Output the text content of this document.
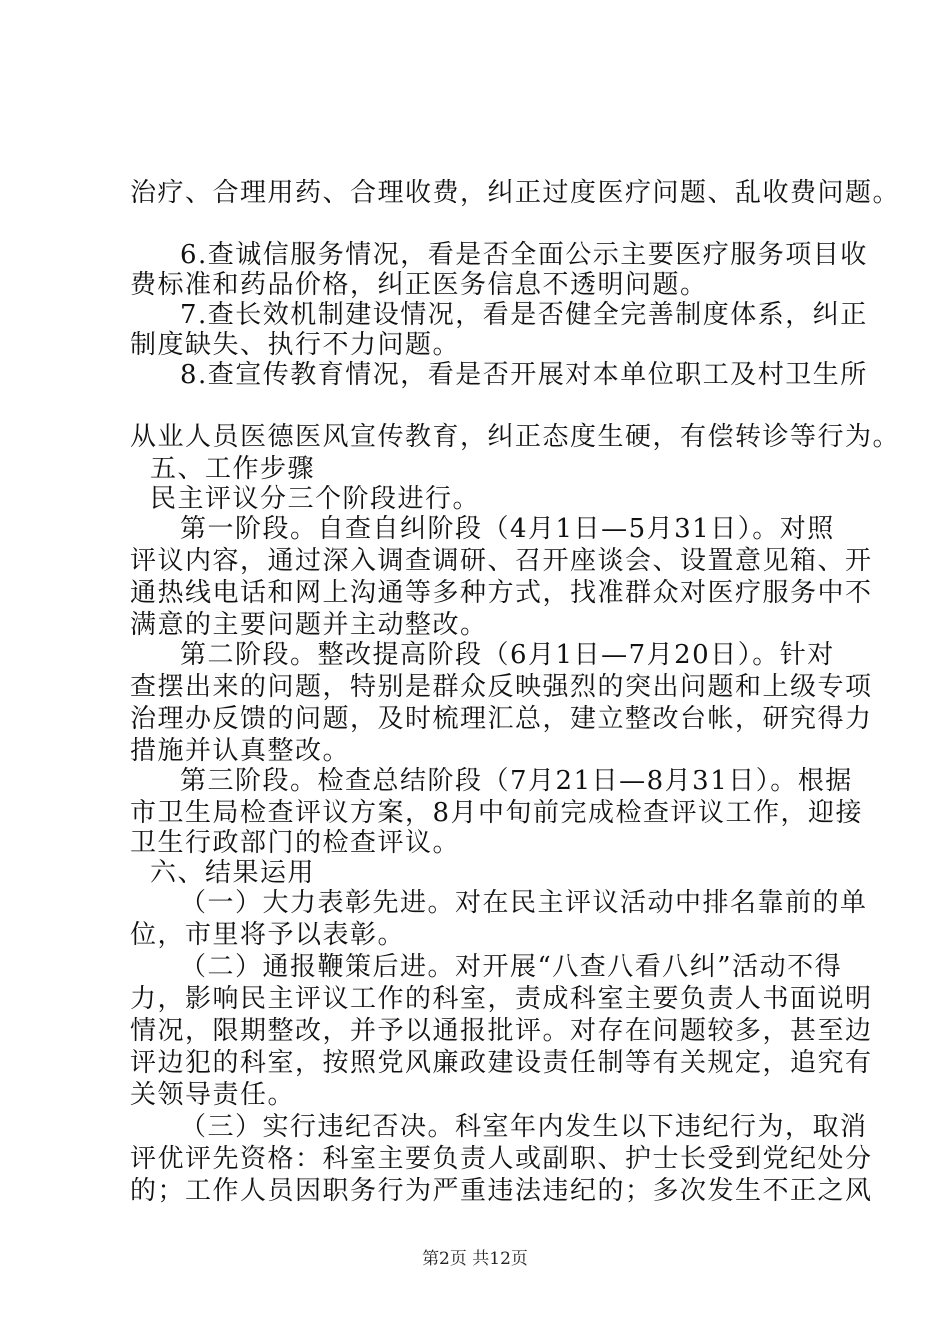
治疗、合理用药、合理收费，纠正过度医疗问题、乱收费问题。
6.查诚信服务情况，看是否全面公示主要医疗服务项目收
费标准和药品价格，纠正医务信息不透明问题。
7.查长效机制建设情况，看是否健全完善制度体系，纠正
制度缺失、执行不力问题。
8.查宣传教育情况，看是否开展对本单位职工及村卫生所
从业人员医德医风宣传教育，纠正态度生硬，有偿转诊等行为。
五、工作步骤
民主评议分三个阶段进行。
第一阶段。自查自纠阶段（4月1日—5月31日）。对照
评议内容，通过深入调查调研、召开座谈会、设置意见箱、开
通热线电话和网上沟通等多种方式，找准群众对医疗服务中不
满意的主要问题并主动整改。
第二阶段。整改提高阶段（6月1日—7月20日）。针对
查摆出来的问题，特别是群众反映强烈的突出问题和上级专项
治理办反馈的问题，及时梳理汇总，建立整改台帐，研究得力
措施并认真整改。
第三阶段。检查总结阶段（7月21日—8月31日）。根据
市卫生局检查评议方案，8月中旬前完成检查评议工作，迎接
卫生行政部门的检查评议。
六、结果运用
（一）大力表彰先进。对在民主评议活动中排名靠前的单
位，市里将予以表彰。
（二）通报鞭策后进。对开展“八查八看八纠”活动不得
力，影响民主评议工作的科室，责成科室主要负责人书面说明
情况，限期整改，并予以通报批评。对存在问题较多，甚至边
评边犯的科室，按照党风廉政建设责任制等有关规定，追究有
关领导责任。
（三）实行违纪否决。科室年内发生以下违纪行为，取消
评优评先资格：科室主要负责人或副职、护士长受到党纪处分
的；工作人员因职务行为严重违法违纪的；多次发生不正之风
第2页 共12页
